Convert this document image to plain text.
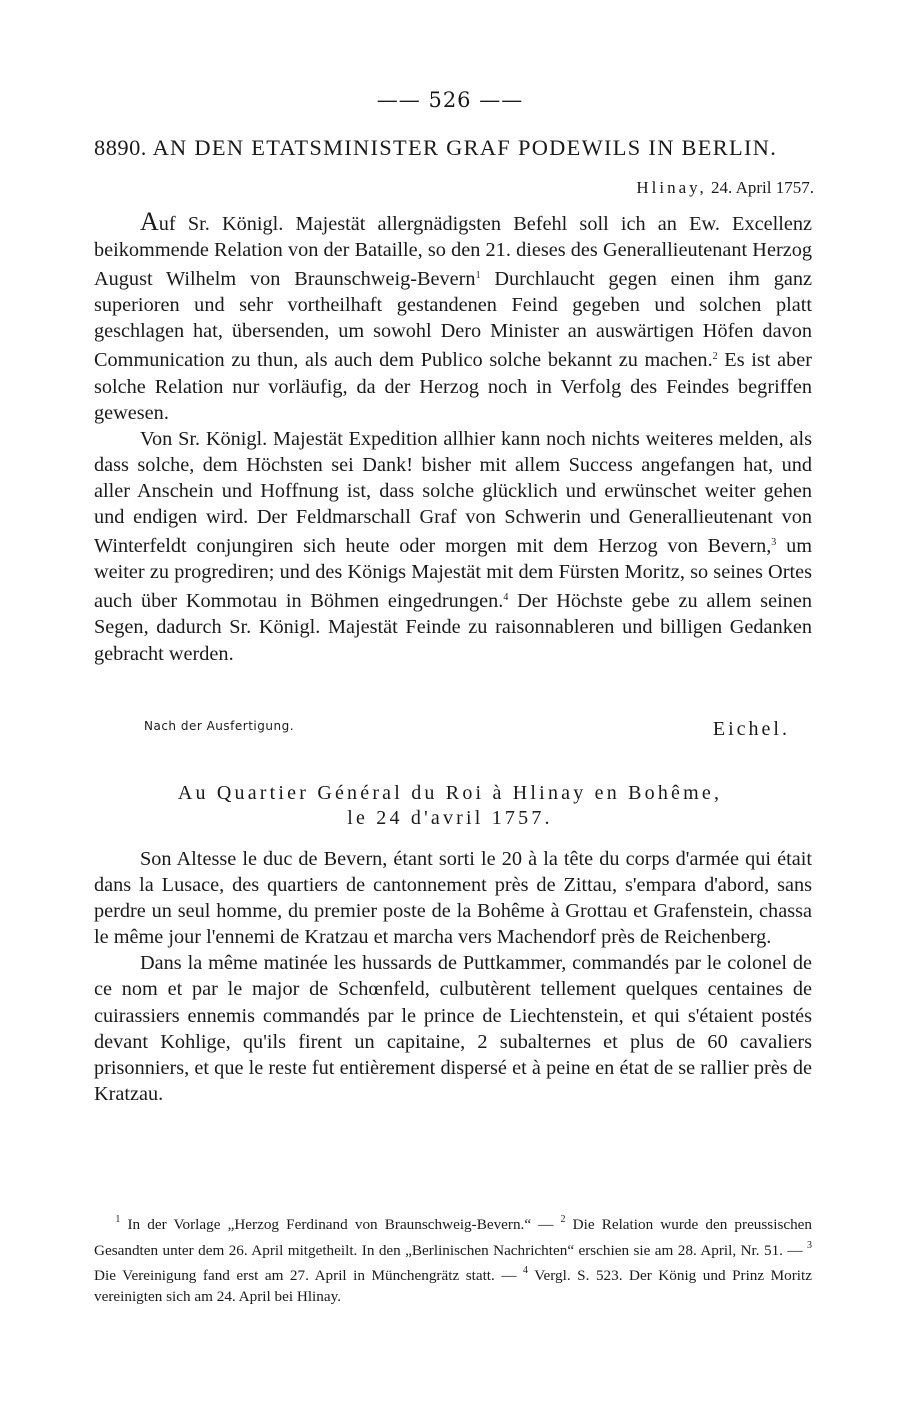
—— 526 ——
8890. AN DEN ETATSMINISTER GRAF PODEWILS IN BERLIN.
Hlinay, 24. April 1757.

Auf Sr. Königl. Majestät allergnädigsten Befehl soll ich an Ew. Excellenz beikommende Relation von der Bataille, so den 21. dieses des Generallieutenant Herzog August Wilhelm von Braunschweig-Bevern$^1$ Durchlaucht gegen einen ihm ganz superioren und sehr vortheilhaft gestandenen Feind gegeben und solchen platt geschlagen hat, übersenden, um sowohl Dero Minister an auswärtigen Höfen davon Communication zu thun, als auch dem Publico solche bekannt zu machen.$^2$ Es ist aber solche Relation nur vorläufig, da der Herzog noch in Verfolg des Feindes begriffen gewesen.

Von Sr. Königl. Majestät Expedition allhier kann noch nichts weiteres melden, als dass solche, dem Höchsten sei Dank! bisher mit allem Success angefangen hat, und aller Anschein und Hoffnung ist, dass solche glücklich und erwünschet weiter gehen und endigen wird. Der Feldmarschall Graf von Schwerin und Generallieutenant von Winterfeldt conjungiren sich heute oder morgen mit dem Herzog von Bevern,$^3$ um weiter zu progrediren; und des Königs Majestät mit dem Fürsten Moritz, so seines Ortes auch über Kommotau in Böhmen eingedrungen.$^4$ Der Höchste gebe zu allem seinen Segen, dadurch Sr. Königl. Majestät Feinde zu raisonnableren und billigen Gedanken gebracht werden.

Nach der Ausfertigung.	Eichel.
Au Quartier Général du Roi à Hlinay en Bohême,
le 24 d'avril 1757.

Son Altesse le duc de Bevern, étant sorti le 20 à la tête du corps d'armée qui était dans la Lusace, des quartiers de cantonnement près de Zittau, s'empara d'abord, sans perdre un seul homme, du premier poste de la Bohême à Grottau et Grafenstein, chassa le même jour l'ennemi de Kratzau et marcha vers Machendorf près de Reichenberg.

Dans la même matinée les hussards de Puttkammer, commandés par le colonel de ce nom et par le major de Schœnfeld, culbutèrent tellement quelques centaines de cuirassiers ennemis commandés par le prince de Liechtenstein, et qui s'étaient postés devant Kohlige, qu'ils firent un capitaine, 2 subalternes et plus de 60 cavaliers prisonniers, et que le reste fut entièrement dispersé et à peine en état de se rallier près de Kratzau.

$^1$ In der Vorlage „Herzog Ferdinand von Braunschweig-Bevern.“ — $^2$ Die Relation wurde den preussischen Gesandten unter dem 26. April mitgetheilt. In den „Berlinischen Nachrichten“ erschien sie am 28. April, Nr. 51. — $^3$ Die Vereinigung fand erst am 27. April in Münchengrätz statt. — $^4$ Vergl. S. 523. Der König und Prinz Moritz vereinigten sich am 24. April bei Hlinay.
